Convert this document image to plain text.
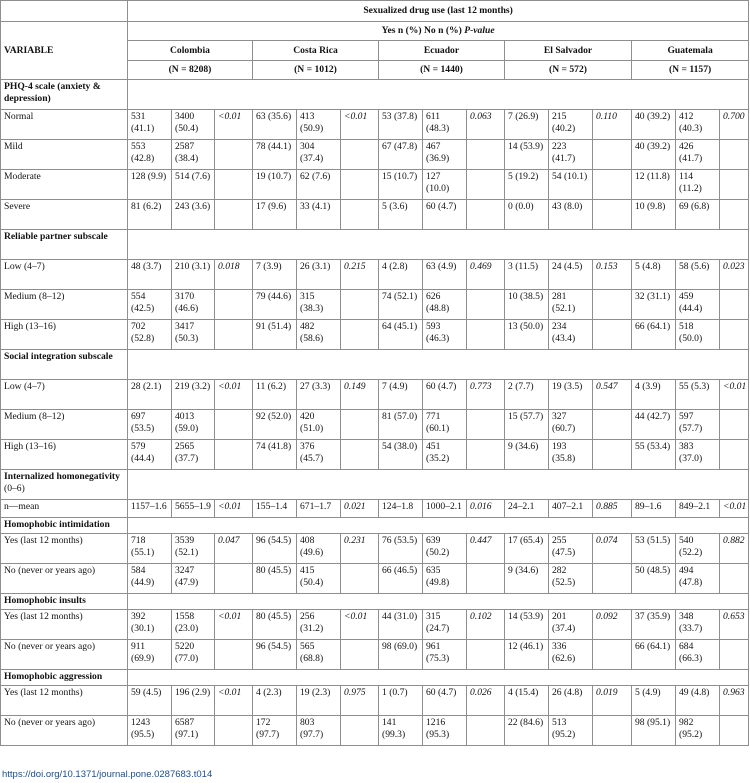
	Sexualized drug use (last 12 months)														
VARIABLE	Yes n (%) No n (%) P-value														
	Colombia			Costa Rica			Ecuador			El Salvador			Guatemala		
	(N = 8208)			(N = 1012)			(N = 1440)			(N = 572)			(N = 1157)		
PHQ-4 scale (anxiety & depression)															
Normal	531 (41.1)	3400 (50.4)	<0.01	63 (35.6)	413 (50.9)	<0.01	53 (37.8)	611 (48.3)	0.063	7 (26.9)	215 (40.2)	0.110	40 (39.2)	412 (40.3)	0.700
Mild	553 (42.8)	2587 (38.4)		78 (44.1)	304 (37.4)		67 (47.8)	467 (36.9)		14 (53.9)	223 (41.7)		40 (39.2)	426 (41.7)	
Moderate	128 (9.9)	514 (7.6)		19 (10.7)	62 (7.6)		15 (10.7)	127 (10.0)		5 (19.2)	54 (10.1)		12 (11.8)	114 (11.2)	
Severe	81 (6.2)	243 (3.6)		17 (9.6)	33 (4.1)		5 (3.6)	60 (4.7)		0 (0.0)	43 (8.0)		10 (9.8)	69 (6.8)	
Reliable partner subscale															
Low (4–7)	48 (3.7)	210 (3.1)	0.018	7 (3.9)	26 (3.1)	0.215	4 (2.8)	63 (4.9)	0.469	3 (11.5)	24 (4.5)	0.153	5 (4.8)	58 (5.6)	0.023
Medium (8–12)	554 (42.5)	3170 (46.6)		79 (44.6)	315 (38.3)		74 (52.1)	626 (48.8)		10 (38.5)	281 (52.1)		32 (31.1)	459 (44.4)	
High (13–16)	702 (52.8)	3417 (50.3)		91 (51.4)	482 (58.6)		64 (45.1)	593 (46.3)		13 (50.0)	234 (43.4)		66 (64.1)	518 (50.0)	
Social integration subscale															
Low (4–7)	28 (2.1)	219 (3.2)	<0.01	11 (6.2)	27 (3.3)	0.149	7 (4.9)	60 (4.7)	0.773	2 (7.7)	19 (3.5)	0.547	4 (3.9)	55 (5.3)	<0.01
Medium (8–12)	697 (53.5)	4013 (59.0)		92 (52.0)	420 (51.0)		81 (57.0)	771 (60.1)		15 (57.7)	327 (60.7)		44 (42.7)	597 (57.7)	
High (13–16)	579 (44.4)	2565 (37.7)		74 (41.8)	376 (45.7)		54 (38.0)	451 (35.2)		9 (34.6)	193 (35.8)		55 (53.4)	383 (37.0)	
Internalized homonegativity (0–6)															
n—mean	1157–1.6	5655–1.9	<0.01	155–1.4	671–1.7	0.021	124–1.8	1000–2.1	0.016	24–2.1	407–2.1	0.885	89–1.6	849–2.1	<0.01
Homophobic intimidation															
Yes (last 12 months)	718 (55.1)	3539 (52.1)	0.047	96 (54.5)	408 (49.6)	0.231	76 (53.5)	639 (50.2)	0.447	17 (65.4)	255 (47.5)	0.074	53 (51.5)	540 (52.2)	0.882
No (never or years ago)	584 (44.9)	3247 (47.9)		80 (45.5)	415 (50.4)		66 (46.5)	635 (49.8)		9 (34.6)	282 (52.5)		50 (48.5)	494 (47.8)	
Homophobic insults															
Yes (last 12 months)	392 (30.1)	1558 (23.0)	<0.01	80 (45.5)	256 (31.2)	<0.01	44 (31.0)	315 (24.7)	0.102	14 (53.9)	201 (37.4)	0.092	37 (35.9)	348 (33.7)	0.653
No (never or years ago)	911 (69.9)	5220 (77.0)		96 (54.5)	565 (68.8)		98 (69.0)	961 (75.3)		12 (46.1)	336 (62.6)		66 (64.1)	684 (66.3)	
Homophobic aggression															
Yes (last 12 months)	59 (4.5)	196 (2.9)	<0.01	4 (2.3)	19 (2.3)	0.975	1 (0.7)	60 (4.7)	0.026	4 (15.4)	26 (4.8)	0.019	5 (4.9)	49 (4.8)	0.963
No (never or years ago)	1243 (95.5)	6587 (97.1)		172 (97.7)	803 (97.7)		141 (99.3)	1216 (95.3)		22 (84.6)	513 (95.2)		98 (95.1)	982 (95.2)	
https://doi.org/10.1371/journal.pone.0287683.t014
